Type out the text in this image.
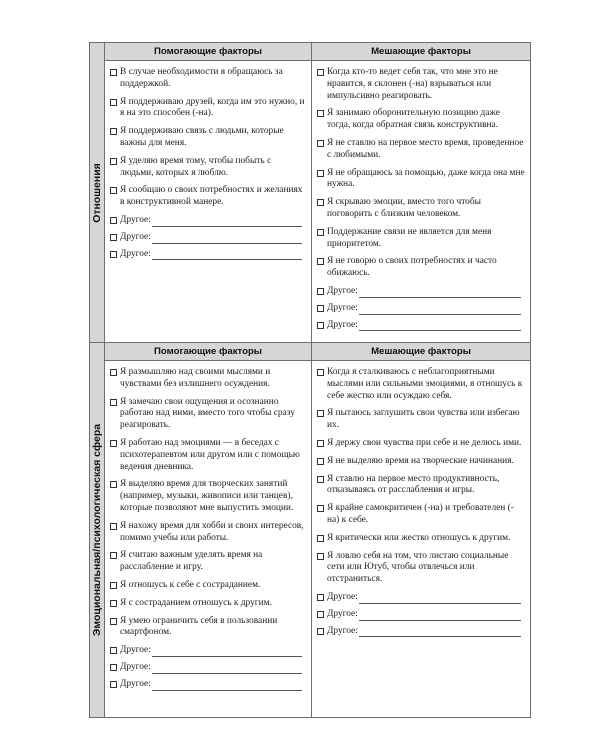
Отношения
Помогающие факторы
В случае необходимости я обращаюсь за поддержкой.
Я поддерживаю друзей, когда им это нужно, и я на это способен (-на).
Я поддерживаю связь с людьми, которые важны для меня.
Я уделяю время тому, чтобы побыть с людьми, которых я люблю.
Я сообщаю о своих потребностях и желаниях в конструктивной манере.
Другое:
Другое:
Другое:
Мешающие факторы
Когда кто-то ведет себя так, что мне это не нравится, я склонен (-на) взрываться или импульсивно реагировать.
Я занимаю оборонительную позицию даже тогда, когда обратная связь конструктивна.
Я не ставлю на первое место время, проведенное с любимыми.
Я не обращаюсь за помощью, даже когда она мне нужна.
Я скрываю эмоции, вместо того чтобы поговорить с близким человеком.
Поддержание связи не является для меня приоритетом.
Я не говорю о своих потребностях и часто обижаюсь.
Другое:
Другое:
Другое:
Эмоциональная/психологическая сфера
Помогающие факторы
Я размышляю над своими мыслями и чувствами без излишнего осуждения.
Я замечаю свои ощущения и осознанно работаю над ними, вместо того чтобы сразу реагировать.
Я работаю над эмоциями — в беседах с психотерапевтом или другом или с помощью ведения дневника.
Я выделяю время для творческих занятий (например, музыки, живописи или танцев), которые позволяют мне выпустить эмоции.
Я нахожу время для хобби и своих интересов, помимо учебы или работы.
Я считаю важным уделять время на расслабление и игру.
Я отношусь к себе с состраданием.
Я с состраданием отношусь к другим.
Я умею ограничить себя в пользовании смартфоном.
Другое:
Другое:
Другое:
Мешающие факторы
Когда я сталкиваюсь с неблагоприятными мыслями или сильными эмоциями, я отношусь к себе жестко или осуждаю себя.
Я пытаюсь заглушить свои чувства или избегаю их.
Я держу свои чувства при себе и не делюсь ими.
Я не выделяю время на творческие начинания.
Я ставлю на первое место продуктивность, отказываясь от расслабления и игры.
Я крайне самокритичен (-на) и требователен (-на) к себе.
Я критически или жестко отношусь к другим.
Я ловлю себя на том, что листаю социальные сети или Ютуб, чтобы отвлечься или отстраниться.
Другое:
Другое:
Другое:
